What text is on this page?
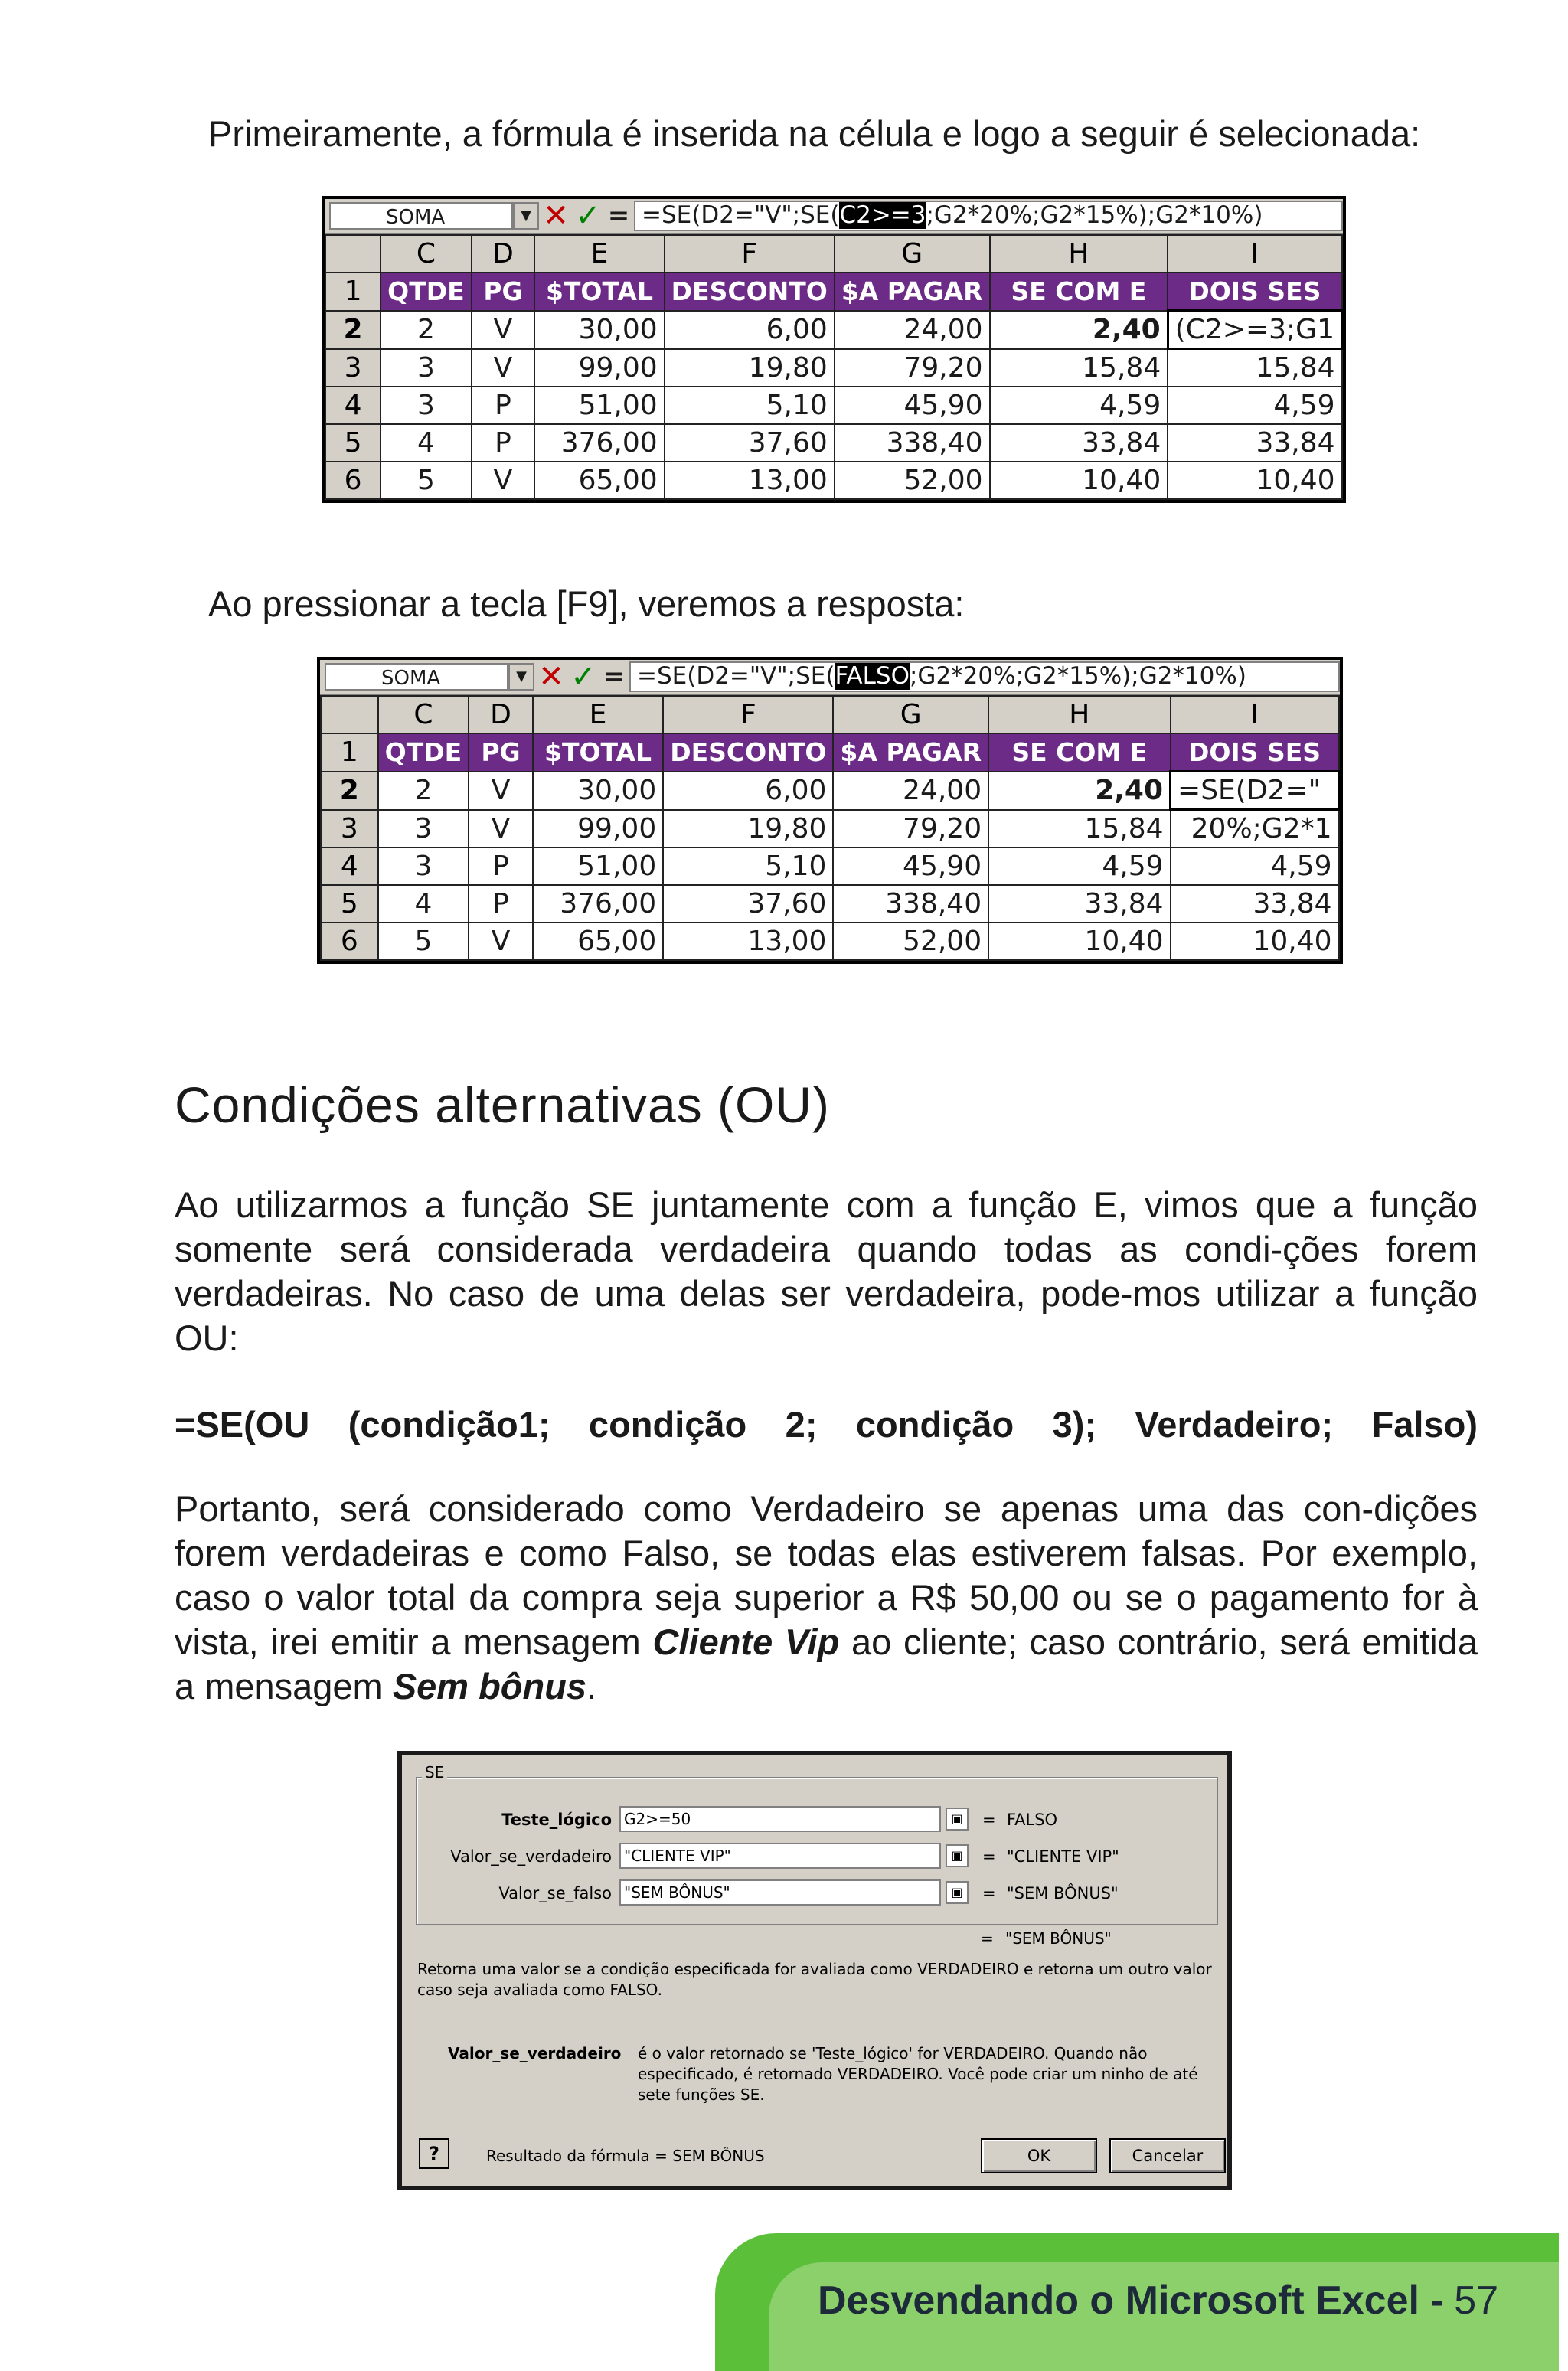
Primeiramente, a fórmula é inserida na célula e logo a seguir é selecionada:

SOMA	▼ ✕ ✓ = =SE(D2="V";SE(C2>=3;G2*20%;G2*15%);G2*10%)
	C	D	E	F	G	H	I
1	QTDE	PG	$TOTAL	DESCONTO	$A PAGAR	SE COM E	DOIS SES
2	2	V	30,00	6,00	24,00	2,40	(C2>=3;G1
3	3	V	99,00	19,80	79,20	15,84	15,84
4	3	P	51,00	5,10	45,90	4,59	4,59
5	4	P	376,00	37,60	338,40	33,84	33,84
6	5	V	65,00	13,00	52,00	10,40	10,40

Ao pressionar a tecla [F9], veremos a resposta:

SOMA	▼ ✕ ✓ = =SE(D2="V";SE(FALSO;G2*20%;G2*15%);G2*10%)
	C	D	E	F	G	H	I
1	QTDE	PG	$TOTAL	DESCONTO	$A PAGAR	SE COM E	DOIS SES
2	2	V	30,00	6,00	24,00	2,40	=SE(D2="
3	3	V	99,00	19,80	79,20	15,84	20%;G2*1
4	3	P	51,00	5,10	45,90	4,59	4,59
5	4	P	376,00	37,60	338,40	33,84	33,84
6	5	V	65,00	13,00	52,00	10,40	10,40
Condições alternativas (OU)

Ao utilizarmos a função SE juntamente com a função E, vimos que a função somente será considerada verdadeira quando todas as condi-ções forem verdadeiras. No caso de uma delas ser verdadeira, pode-mos utilizar a função OU:

=SE(OU (condição1; condição 2; condição 3); Verdadeiro; Falso)

Portanto, será considerado como Verdadeiro se apenas uma das con-dições forem verdadeiras e como Falso, se todas elas estiverem falsas. Por exemplo, caso o valor total da compra seja superior a R$ 50,00 ou se o pagamento for à vista, irei emitir a mensagem Cliente Vip ao cliente; caso contrário, será emitida a mensagem Sem bônus.

Teste_lógico G2>=50	▣	= FALSO
Valor_se_verdadeiro "CLIENTE VIP"	▣	= "CLIENTE VIP"
Valor_se_falso "SEM BÔNUS"	▣	= "SEM BÔNUS"
SE
= "SEM BÔNUS"
Retorna uma valor se a condição especificada for avaliada como VERDADEIRO e retorna um outro valor caso seja avaliada como FALSO.
Valor_se_verdadeiro é o valor retornado se 'Teste_lógico' for VERDADEIRO. Quando não especificado, é retornado VERDADEIRO. Você pode criar um ninho de até sete funções SE.
?	Resultado da fórmula = SEM BÔNUS	OK	Cancelar
Desvendando o Microsoft Excel - 57
